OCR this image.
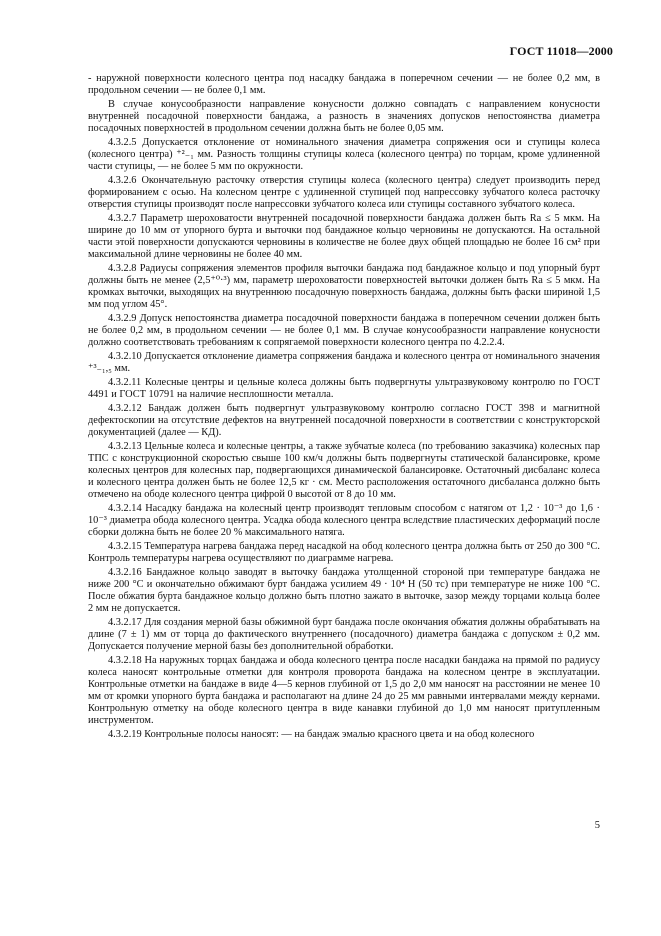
ГОСТ 11018—2000

- наружной поверхности колесного центра под насадку бандажа в поперечном сечении — не более 0,2 мм, в продольном сечении — не более 0,1 мм.

В случае конусообразности направление конусности должно совпадать с направлением конусности внутренней посадочной поверхности бандажа, а разность в значениях допусков непостоянства диаметра посадочных поверхностей в продольном сечении должна быть не более 0,05 мм.

4.3.2.5 Допускается отклонение от номинального значения диаметра сопряжения оси и ступицы колеса (колесного центра) ⁺²₋₁ мм. Разность толщины ступицы колеса (колесного центра) по торцам, кроме удлиненной части ступицы, — не более 5 мм по окружности.

4.3.2.6 Окончательную расточку отверстия ступицы колеса (колесного центра) следует производить перед формированием с осью. На колесном центре с удлиненной ступицей под напрессовку зубчатого колеса расточку отверстия ступицы производят после напрессовки зубчатого колеса или ступицы составного зубчатого колеса.

4.3.2.7 Параметр шероховатости внутренней посадочной поверхности бандажа должен быть Ra ≤ 5 мкм. На ширине до 10 мм от упорного бурта и выточки под бандажное кольцо черновины не допускаются. На остальной части этой поверхности допускаются черновины в количестве не более двух общей площадью не более 16 см² при максимальной длине черновины не более 40 мм.

4.3.2.8 Радиусы сопряжения элементов профиля выточки бандажа под бандажное кольцо и под упорный бурт должны быть не менее (2,5⁺⁰·³) мм, параметр шероховатости поверхностей выточки должен быть Ra ≤ 5 мкм. На кромках выточки, выходящих на внутреннюю посадочную поверхность бандажа, должны быть фаски шириной 1,5 мм под углом 45°.

4.3.2.9 Допуск непостоянства диаметра посадочной поверхности бандажа в поперечном сечении должен быть не более 0,2 мм, в продольном сечении — не более 0,1 мм. В случае конусообразности направление конусности должно соответствовать требованиям к сопрягаемой поверхности колесного центра по 4.2.2.4.

4.3.2.10 Допускается отклонение диаметра сопряжения бандажа и колесного центра от номинального значения ⁺³₋₁,₅ мм.

4.3.2.11 Колесные центры и цельные колеса должны быть подвергнуты ультразвуковому контролю по ГОСТ 4491 и ГОСТ 10791 на наличие несплошности металла.

4.3.2.12 Бандаж должен быть подвергнут ультразвуковому контролю согласно ГОСТ 398 и магнитной дефектоскопии на отсутствие дефектов на внутренней посадочной поверхности в соответствии с конструкторской документацией (далее — КД).

4.3.2.13 Цельные колеса и колесные центры, а также зубчатые колеса (по требованию заказчика) колесных пар ТПС с конструкционной скоростью свыше 100 км/ч должны быть подвергнуты статической балансировке, кроме колесных центров для колесных пар, подвергающихся динамической балансировке. Остаточный дисбаланс колеса и колесного центра должен быть не более 12,5 кг · см. Место расположения остаточного дисбаланса должно быть отмечено на ободе колесного центра цифрой 0 высотой от 8 до 10 мм.

4.3.2.14 Насадку бандажа на колесный центр производят тепловым способом с натягом от 1,2 · 10⁻³ до 1,6 · 10⁻³ диаметра обода колесного центра. Усадка обода колесного центра вследствие пластических деформаций после сборки должна быть не более 20 % максимального натяга.

4.3.2.15 Температура нагрева бандажа перед насадкой на обод колесного центра должна быть от 250 до 300 °С. Контроль температуры нагрева осуществляют по диаграмме нагрева.

4.3.2.16 Бандажное кольцо заводят в выточку бандажа утолщенной стороной при температуре бандажа не ниже 200 °С и окончательно обжимают бурт бандажа усилием 49 · 10⁴ Н (50 тс) при температуре не ниже 100 °С. После обжатия бурта бандажное кольцо должно быть плотно зажато в выточке, зазор между торцами кольца более 2 мм не допускается.

4.3.2.17 Для создания мерной базы обжимной бурт бандажа после окончания обжатия должны обрабатывать на длине (7 ± 1) мм от торца до фактического внутреннего (посадочного) диаметра бандажа с допуском ± 0,2 мм. Допускается получение мерной базы без дополнительной обработки.

4.3.2.18 На наружных торцах бандажа и обода колесного центра после насадки бандажа на прямой по радиусу колеса наносят контрольные отметки для контроля проворота бандажа на колесном центре в эксплуатации. Контрольные отметки на бандаже в виде 4—5 кернов глубиной от 1,5 до 2,0 мм наносят на расстоянии не менее 10 мм от кромки упорного бурта бандажа и располагают на длине 24 до 25 мм равными интервалами между кернами. Контрольную отметку на ободе колесного центра в виде канавки глубиной до 1,0 мм наносят притупленным инструментом.

4.3.2.19 Контрольные полосы наносят: — на бандаж эмалью красного цвета и на обод колесного

5
